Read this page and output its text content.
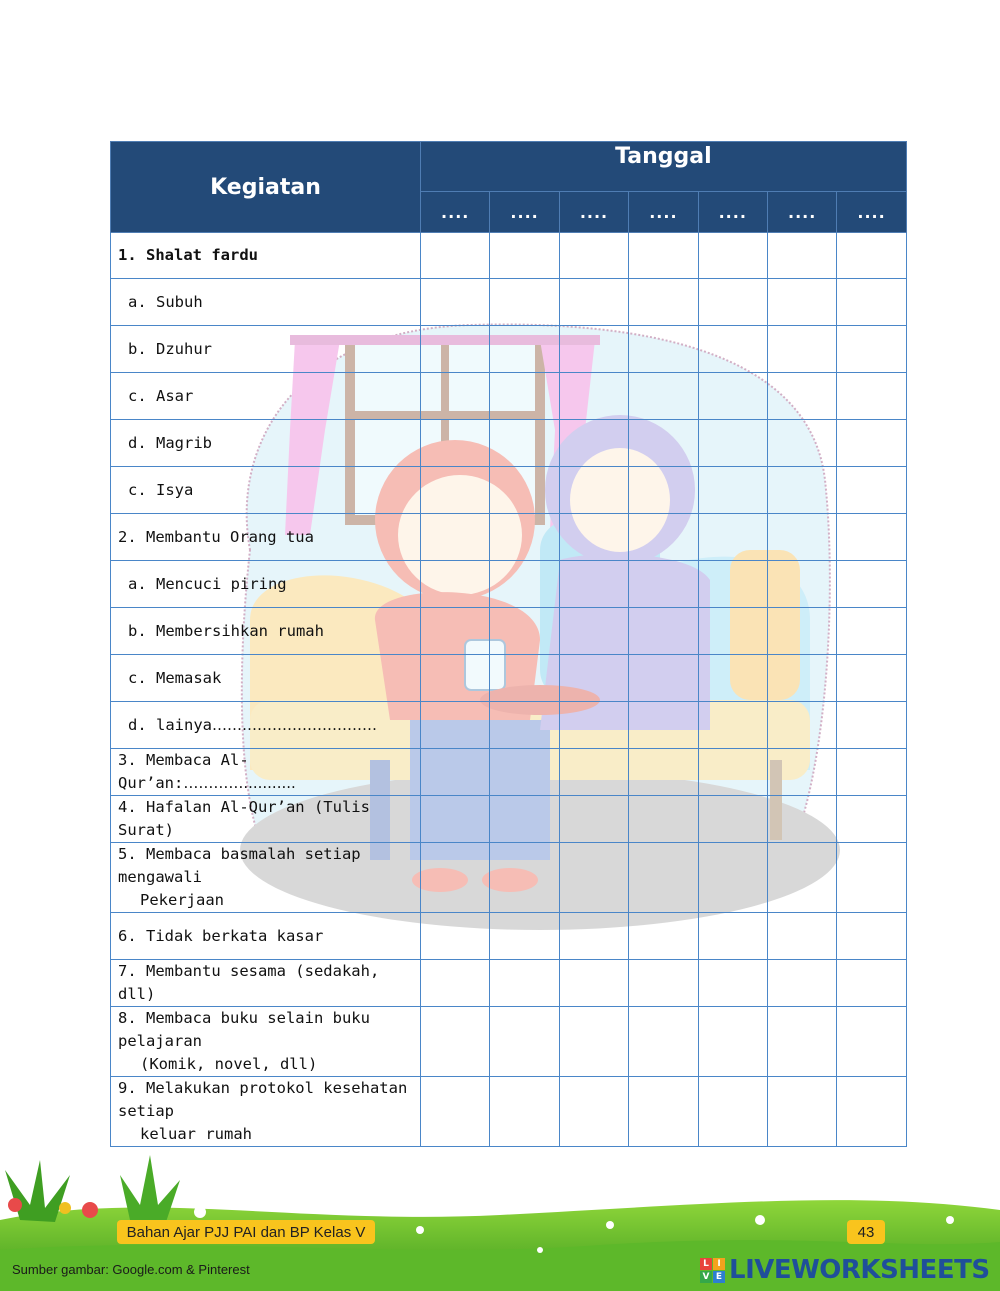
Kegiatan	Tanggal						
	....	....	....	....	....	....	....
1. Shalat fardu							
a. Subuh							
b. Dzuhur							
c. Asar							
d. Magrib							
c. Isya							
2. Membantu Orang tua							
a. Mencuci piring							
b. Membersihkan rumah							
c. Memasak							
d. lainya……………………………							
3. Membaca Al-Qur’an:…………...........							
4. Hafalan Al-Qur’an (Tulis Surat)							
5. Membaca basmalah setiap mengawali
Pekerjaan							

6. Tidak berkata kasar							
7. Membantu sesama (sedakah, dll)							
8. Membaca buku selain buku pelajaran
(Komik, novel, dll)							

9. Melakukan protokol kesehatan setiap
keluar rumah							

Bahan Ajar PJJ PAI dan BP Kelas V	43
Sumber gambar: Google.com & Pinterest	L I
V E LIVEWORKSHEETS
